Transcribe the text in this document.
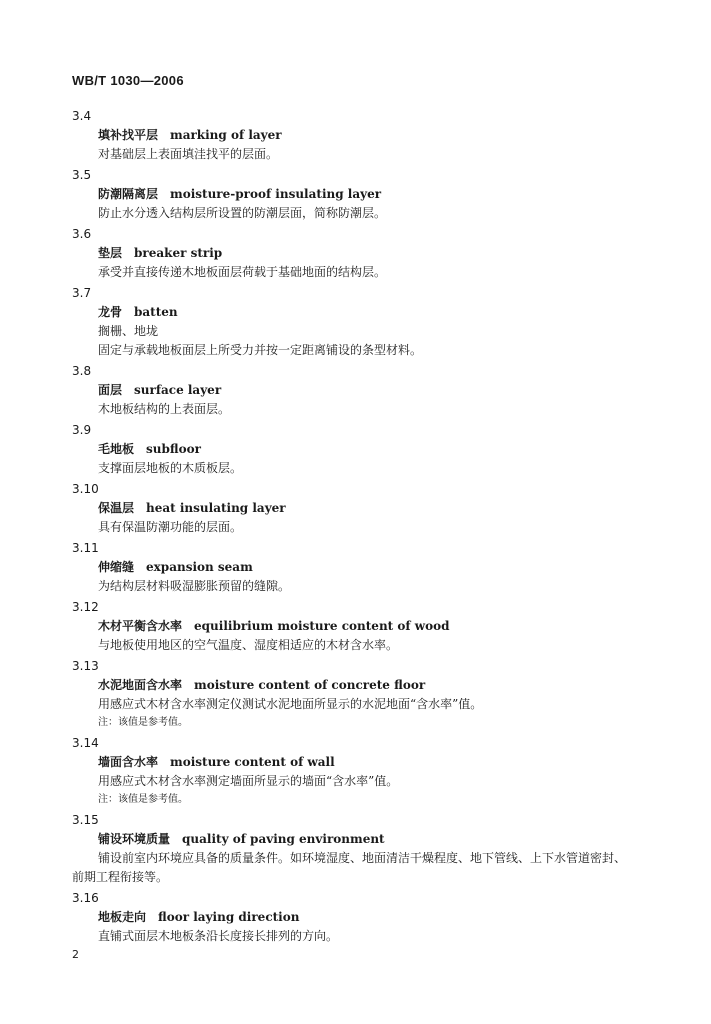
WB/T 1030—2006
3.4
填补找平层 marking of layer
对基础层上表面填洼找平的层面。
3.5
防潮隔离层 moisture-proof insulating layer
防止水分透入结构层所设置的防潮层面，简称防潮层。
3.6
垫层 breaker strip
承受并直接传递木地板面层荷载于基础地面的结构层。
3.7
龙骨 batten
搁栅、地垅
固定与承载地板面层上所受力并按一定距离铺设的条型材料。
3.8
面层 surface layer
木地板结构的上表面层。
3.9
毛地板 subfloor
支撑面层地板的木质板层。
3.10
保温层 heat insulating layer
具有保温防潮功能的层面。
3.11
伸缩缝 expansion seam
为结构层材料吸湿膨胀预留的缝隙。
3.12
木材平衡含水率 equilibrium moisture content of wood
与地板使用地区的空气温度、湿度相适应的木材含水率。
3.13
水泥地面含水率 moisture content of concrete floor
用感应式木材含水率测定仪测试水泥地面所显示的水泥地面“含水率”值。
注：该值是参考值。
3.14
墙面含水率 moisture content of wall
用感应式木材含水率测定墙面所显示的墙面“含水率”值。
注：该值是参考值。
3.15
铺设环境质量 quality of paving environment
铺设前室内环境应具备的质量条件。如环境湿度、地面清洁干燥程度、地下管线、上下水管道密封、
前期工程衔接等。
3.16
地板走向 floor laying direction
直铺式面层木地板条沿长度接长排列的方向。
2
